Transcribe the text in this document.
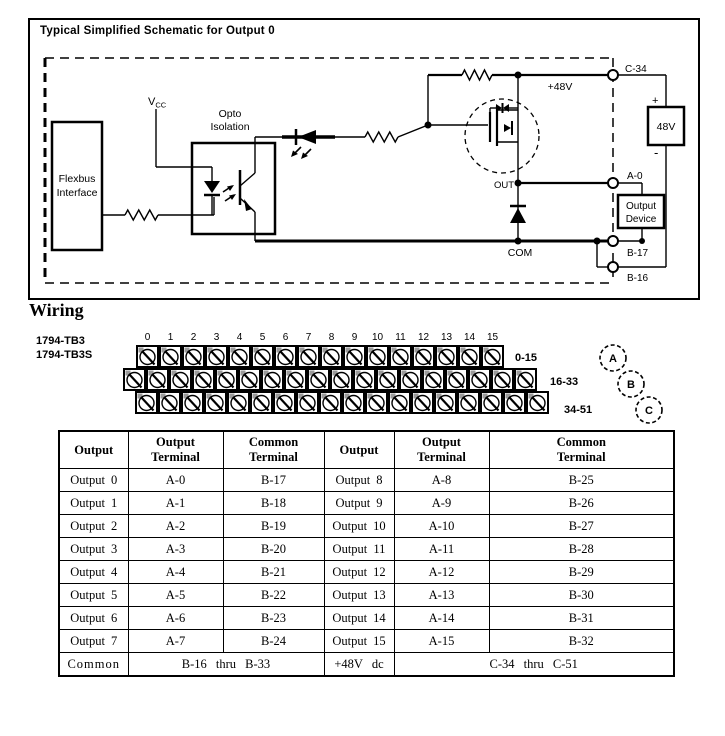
Typical Simplified Schematic for Output 0
Flexbus
Interface
$V_{CC}$
Opto
Isolation
+48V
OUT
COM
+
48V
-
Output
Device
C-34
A-0
B-17
B-16
Wiring
1794-TB3
1794-TB3S
0 1 2 3 4 5 6 7 8 9 10 11 12 13 14 15
0-15
16-33
34-51
A
B
C
Output	Output Terminal	Common Terminal	Output	Output Terminal	Common
Terminal
Output 0	A-0	B-17	Output 8	A-8	B-25
Output 1	A-1	B-18	Output 9	A-9	B-26
Output 2	A-2	B-19	Output 10	A-10	B-27
Output 3	A-3	B-20	Output 11	A-11	B-28
Output 4	A-4	B-21	Output 12	A-12	B-29
Output 5	A-5	B-22	Output 13	A-13	B-30
Output 6	A-6	B-23	Output 14	A-14	B-31
Output 7	A-7	B-24	Output 15	A-15	B-32
Common	B-16 thru B-33		+48V dc	C-34 thru C-51	
